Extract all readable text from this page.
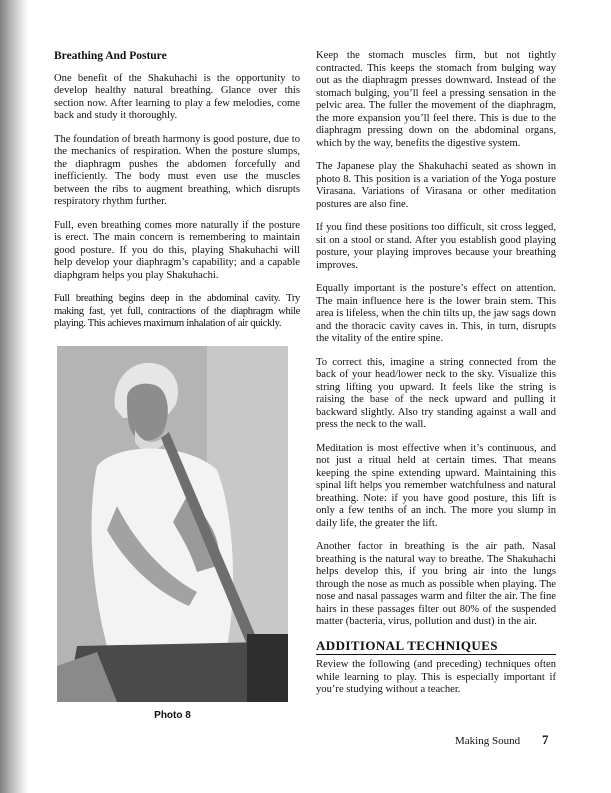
Breathing And Posture

One benefit of the Shakuhachi is the opportunity to develop healthy natural breathing. Glance over this section now. After learning to play a few melodies, come back and study it thoroughly.

The foundation of breath harmony is good posture, due to the mechanics of respiration. When the posture slumps, the diaphragm pushes the abdomen forcefully and inefficiently. The body must even use the muscles between the ribs to augment breathing, which disrupts respiratory rhythm further.

Full, even breathing comes more naturally if the posture is erect. The main concern is remembering to maintain good posture. If you do this, playing Shakuhachi will help develop your diaphragm’s capability; and a capable diaphgram helps you play Shakuhachi.

Full breathing begins deep in the abdominal cavity. Try making fast, yet full, contractions of the diaphragm while playing. This achieves maximum inhalation of air quickly.

Photo 8

Keep the stomach muscles firm, but not tightly contracted. This keeps the stomach from bulging way out as the diaphragm presses downward. Instead of the stomach bulging, you’ll feel a pressing sensation in the pelvic area. The fuller the movement of the diaphragm, the more expansion you’ll feel there. This is due to the diaphragm pressing down on the abdominal organs, which by the way, benefits the digestive system.

The Japanese play the Shakuhachi seated as shown in photo 8. This position is a variation of the Yoga posture Virasana. Variations of Virasana or other meditation postures are also fine.

If you find these positions too difficult, sit cross legged, sit on a stool or stand. After you establish good playing posture, your playing improves because your breathing improves.

Equally important is the posture’s effect on attention. The main influence here is the lower brain stem. This area is lifeless, when the chin tilts up, the jaw sags down and the thoracic cavity caves in. This, in turn, disrupts the vitality of the entire spine.

To correct this, imagine a string connected from the back of your head/lower neck to the sky. Visualize this string lifting you upward. It feels like the string is raising the base of the neck upward and pulling it backward slightly. Also try standing against a wall and press the neck to the wall.

Meditation is most effective when it’s continuous, and not just a ritual held at certain times. That means keeping the spine extending upward. Maintaining this spinal lift helps you remember watchfulness and natural breathing. Note: if you have good posture, this lift is only a few tenths of an inch. The more you slump in daily life, the greater the lift.

Another factor in breathing is the air path. Nasal breathing is the natural way to breathe. The Shakuhachi helps develop this, if you bring air into the lungs through the nose as much as possible when playing. The nose and nasal passages warm and filter the air. The fine hairs in these passages filter out 80% of the suspended matter (bacteria, virus, pollution and dust) in the air.

ADDITIONAL TECHNIQUES

Review the following (and preceding) techniques often while learning to play. This is especially important if you’re studying without a teacher.

Making Sound 7
